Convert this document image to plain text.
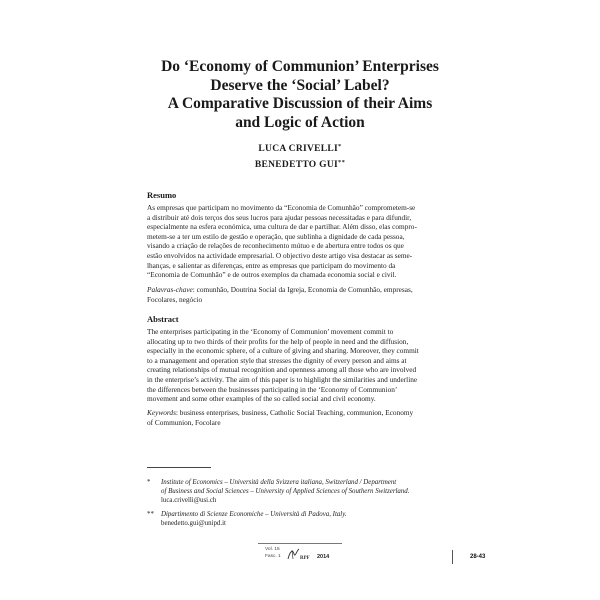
Do ‘Economy of Communion’ Enterprises
Deserve the ‘Social’ Label?
A Comparative Discussion of their Aims
and Logic of Action
LUCA CRIVELLI*
BENEDETTO GUI**
Resumo

As empresas que participam no movimento da “Economia de Comunhão” comprometem-se

a distribuir até dois terços dos seus lucros para ajudar pessoas necessitadas e para difundir,

especialmente na esfera económica, uma cultura de dar e partilhar. Além disso, elas compro-

metem-se a ter um estilo de gestão e operação, que sublinha a dignidade de cada pessoa,

visando a criação de relações de reconhecimento mútuo e de abertura entre todos os que

estão envolvidos na actividade empresarial. O objectivo deste artigo visa destacar as seme-

lhanças, e salientar as diferenças, entre as empresas que participam do movimento da

“Economia de Comunhão” e de outros exemplos da chamada economia social e civil.

Palavras-chave: comunhão, Doutrina Social da Igreja, Economia de Comunhão, empresas,
Focolares, negócio
Abstract

The enterprises participating in the ‘Economy of Communion’ movement commit to

allocating up to two thirds of their profits for the help of people in need and the diffusion,

especially in the economic sphere, of a culture of giving and sharing. Moreover, they commit

to a management and operation style that stresses the dignity of every person and aims at

creating relationships of mutual recognition and openness among all those who are involved

in the enterprise’s activity. The aim of this paper is to highlight the similarities and underline

the differences between the businesses participating in the ‘Economy of Communion’

movement and some other examples of the so called social and civil economy.

Keywords: business enterprises, business, Catholic Social Teaching, communion, Economy
of Communion, Focolare
* Institute of Economics – Università della Svizzera italiana, Switzerland / Department
of Business and Social Sciences – University of Applied Sciences of Southern Switzerland.
luca.crivelli@usi.ch
** Dipartimento di Scienze Economiche – Università di Padova, Italy.
benedetto.gui@unipd.it
Vol. 15
Fasc. 1	RPF 2014	28-43
